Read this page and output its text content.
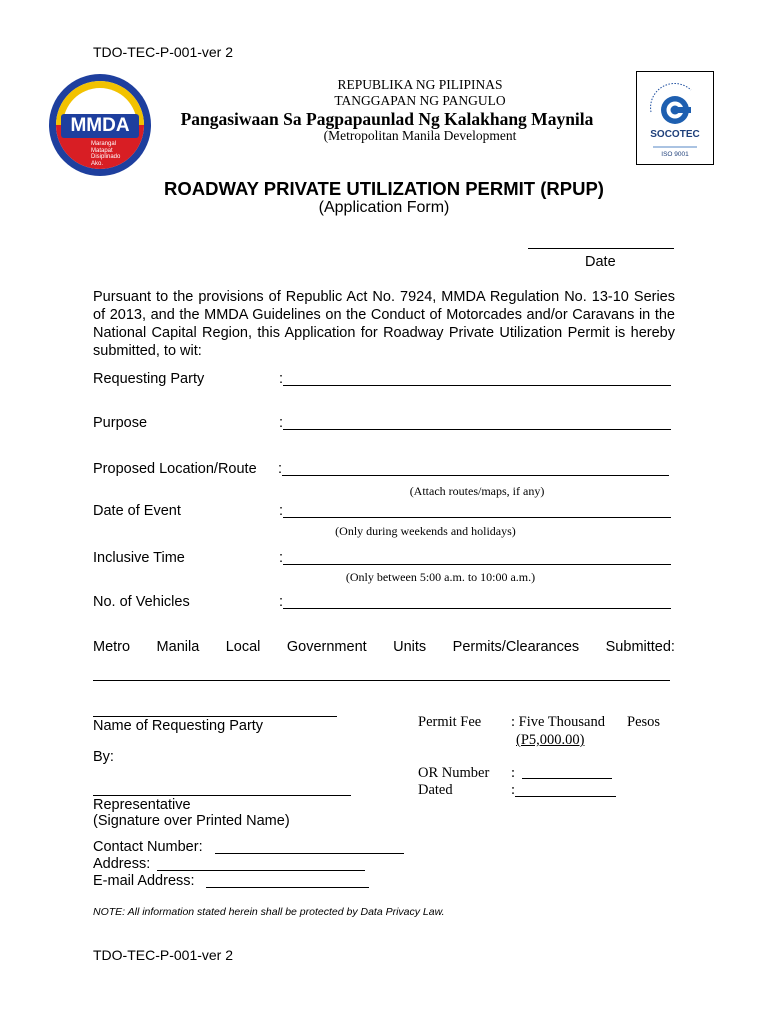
TDO-TEC-P-001-ver 2
MMDA
Marangal
Matapat
Disiplinado
Ako.
REPUBLIKA NG PILIPINAS
TANGGAPAN NG PANGULO
Pangasiwaan Sa Pagpapaunlad Ng Kalakhang Maynila
(Metropolitan Manila Development	SOCOTEC
ISO 9001
ROADWAY PRIVATE UTILIZATION PERMIT (RPUP)
(Application Form)
Date
Pursuant to the provisions of Republic Act No. 7924, MMDA Regulation No. 13-10 Series of 2013, and the MMDA Guidelines on the Conduct of Motorcades and/or Caravans in the National Capital Region, this Application for Roadway Private Utilization Permit is hereby submitted, to wit:
Requesting Party	:
Purpose	:
Proposed Location/Route :
(Attach routes/maps, if any)
Date of Event	:
(Only during weekends and holidays)
Inclusive Time	:
(Only between 5:00 a.m. to 10:00 a.m.)
No. of Vehicles	:
Metro Manila Local Government Units Permits/Clearances Submitted:
Name of Requesting Party
By:
Representative
(Signature over Printed Name)
Contact Number:
Address:
E-mail Address:
Permit Fee : Five Thousand Pesos
(P5,000.00)
OR Number :
Dated	:
NOTE: All information stated herein shall be protected by Data Privacy Law.
TDO-TEC-P-001-ver 2
